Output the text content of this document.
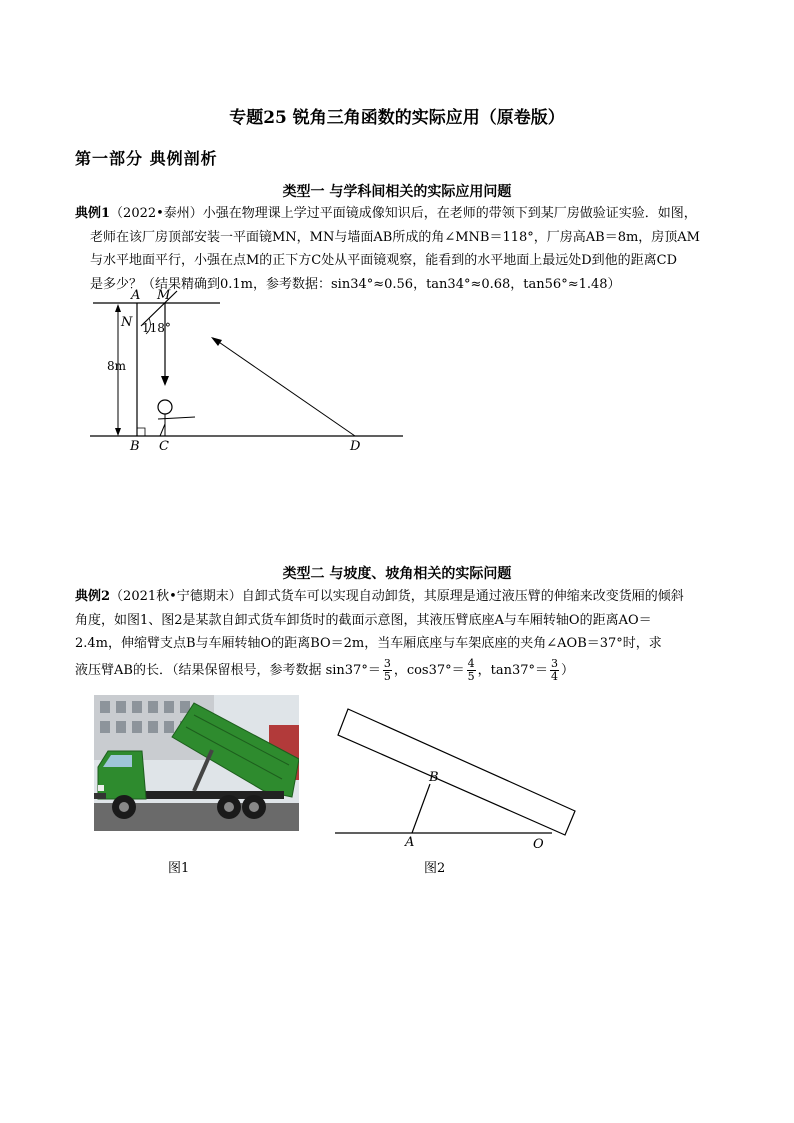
专题25 锐角三角函数的实际应用（原卷版）
第一部分 典例剖析
类型一 与学科间相关的实际应用问题

典例1（2022•泰州）小强在物理课上学过平面镜成像知识后，在老师的带领下到某厂房做验证实验．如图，

老师在该厂房顶部安装一平面镜MN，MN与墙面AB所成的角∠MNB＝118°，厂房高AB＝8m，房顶AM

与水平地面平行，小强在点M的正下方C处从平面镜观察，能看到的水平地面上最远处D到他的距离CD

是多少？（结果精确到0.1m，参考数据：sin34°≈0.56，tan34°≈0.68，tan56°≈1.48）

A M
N 118°
8m
B C	D
类型二 与坡度、坡角相关的实际问题

典例2（2021秋•宁德期末）自卸式货车可以实现自动卸货，其原理是通过液压臂的伸缩来改变货厢的倾斜

角度，如图1、图2是某款自卸式货车卸货时的截面示意图，其液压臂底座A与车厢转轴O的距离AO＝

2.4m，伸缩臂支点B与车厢转轴O的距离BO＝2m，当车厢底座与车架底座的夹角∠AOB＝37°时，求

液压臂AB的长．（结果保留根号，参考数据 $\sin 37^\circ= \frac{3}{5}$ ，$\cos 37^\circ= \frac{4}{5}$ ，$\tan 37^\circ= \frac{3}{4}$ ）

图1
B
A	O
图2
